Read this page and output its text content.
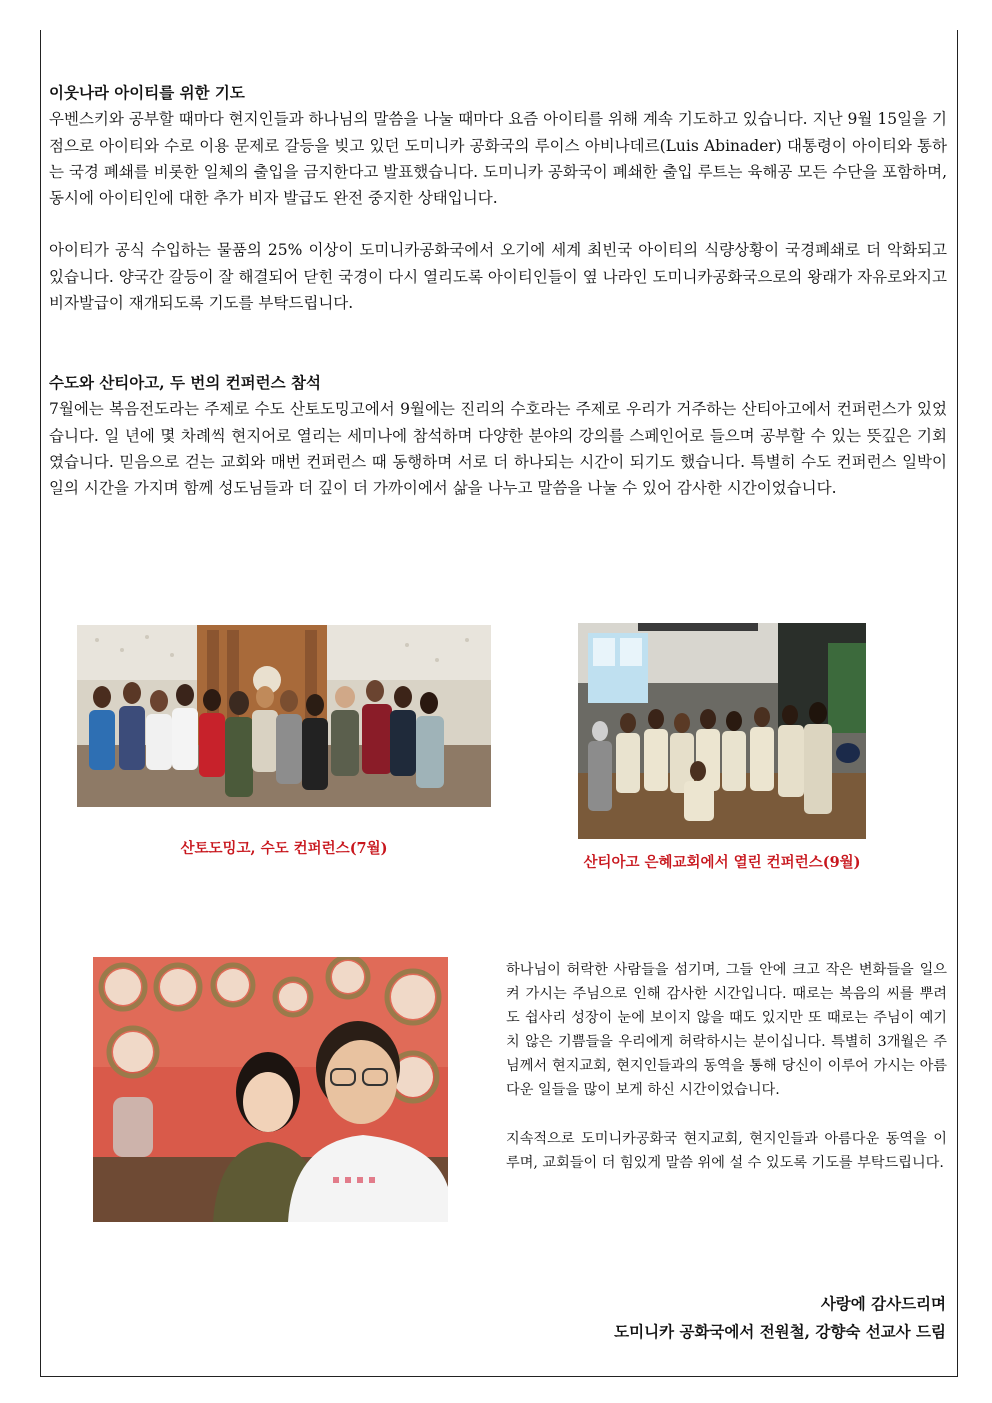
이웃나라 아이티를 위한 기도

우벤스키와 공부할 때마다 현지인들과 하나님의 말씀을 나눌 때마다 요즘 아이티를 위해 계속 기도하고 있습니다. 지난 9월 15일을 기점으로 아이티와 수로 이용 문제로 갈등을 빚고 있던 도미니카 공화국의 루이스 아비나데르(Luis Abinader) 대통령이 아이티와 통하는 국경 폐쇄를 비롯한 일체의 출입을 금지한다고 발표했습니다. 도미니카 공화국이 폐쇄한 출입 루트는 육해공 모든 수단을 포함하며, 동시에 아이티인에 대한 추가 비자 발급도 완전 중지한 상태입니다.

아이티가 공식 수입하는 물품의 25% 이상이 도미니카공화국에서 오기에 세계 최빈국 아이티의 식량상황이 국경폐쇄로 더 악화되고 있습니다. 양국간 갈등이 잘 해결되어 닫힌 국경이 다시 열리도록 아이티인들이 옆 나라인 도미니카공화국으로의 왕래가 자유로와지고 비자발급이 재개되도록 기도를 부탁드립니다.

수도와 산티아고, 두 번의 컨퍼런스 참석

7월에는 복음전도라는 주제로 수도 산토도밍고에서 9월에는 진리의 수호라는 주제로 우리가 거주하는 산티아고에서 컨퍼런스가 있었습니다. 일 년에 몇 차례씩 현지어로 열리는 세미나에 참석하며 다양한 분야의 강의를 스페인어로 들으며 공부할 수 있는 뜻깊은 기회였습니다. 믿음으로 걷는 교회와 매번 컨퍼런스 때 동행하며 서로 더 하나되는 시간이 되기도 했습니다. 특별히 수도 컨퍼런스 일박이일의 시간을 가지며 함께 성도님들과 더 깊이 더 가까이에서 삶을 나누고 말씀을 나눌 수 있어 감사한 시간이었습니다.

산토도밍고, 수도 컨퍼런스(7월)
산티아고 은혜교회에서 열린 컨퍼런스(9월)

하나님이 허락한 사람들을 섬기며, 그들 안에 크고 작은 변화들을 일으켜 가시는 주님으로 인해 감사한 시간입니다. 때로는 복음의 씨를 뿌려도 쉽사리 성장이 눈에 보이지 않을 때도 있지만 또 때로는 주님이 예기치 않은 기쁨들을 우리에게 허락하시는 분이십니다. 특별히 3개월은 주님께서 현지교회, 현지인들과의 동역을 통해 당신이 이루어 가시는 아름다운 일들을 많이 보게 하신 시간이었습니다.

지속적으로 도미니카공화국 현지교회, 현지인들과 아름다운 동역을 이루며, 교회들이 더 힘있게 말씀 위에 설 수 있도록 기도를 부탁드립니다.

사랑에 감사드리며
도미니카 공화국에서 전원철, 강향숙 선교사 드림
